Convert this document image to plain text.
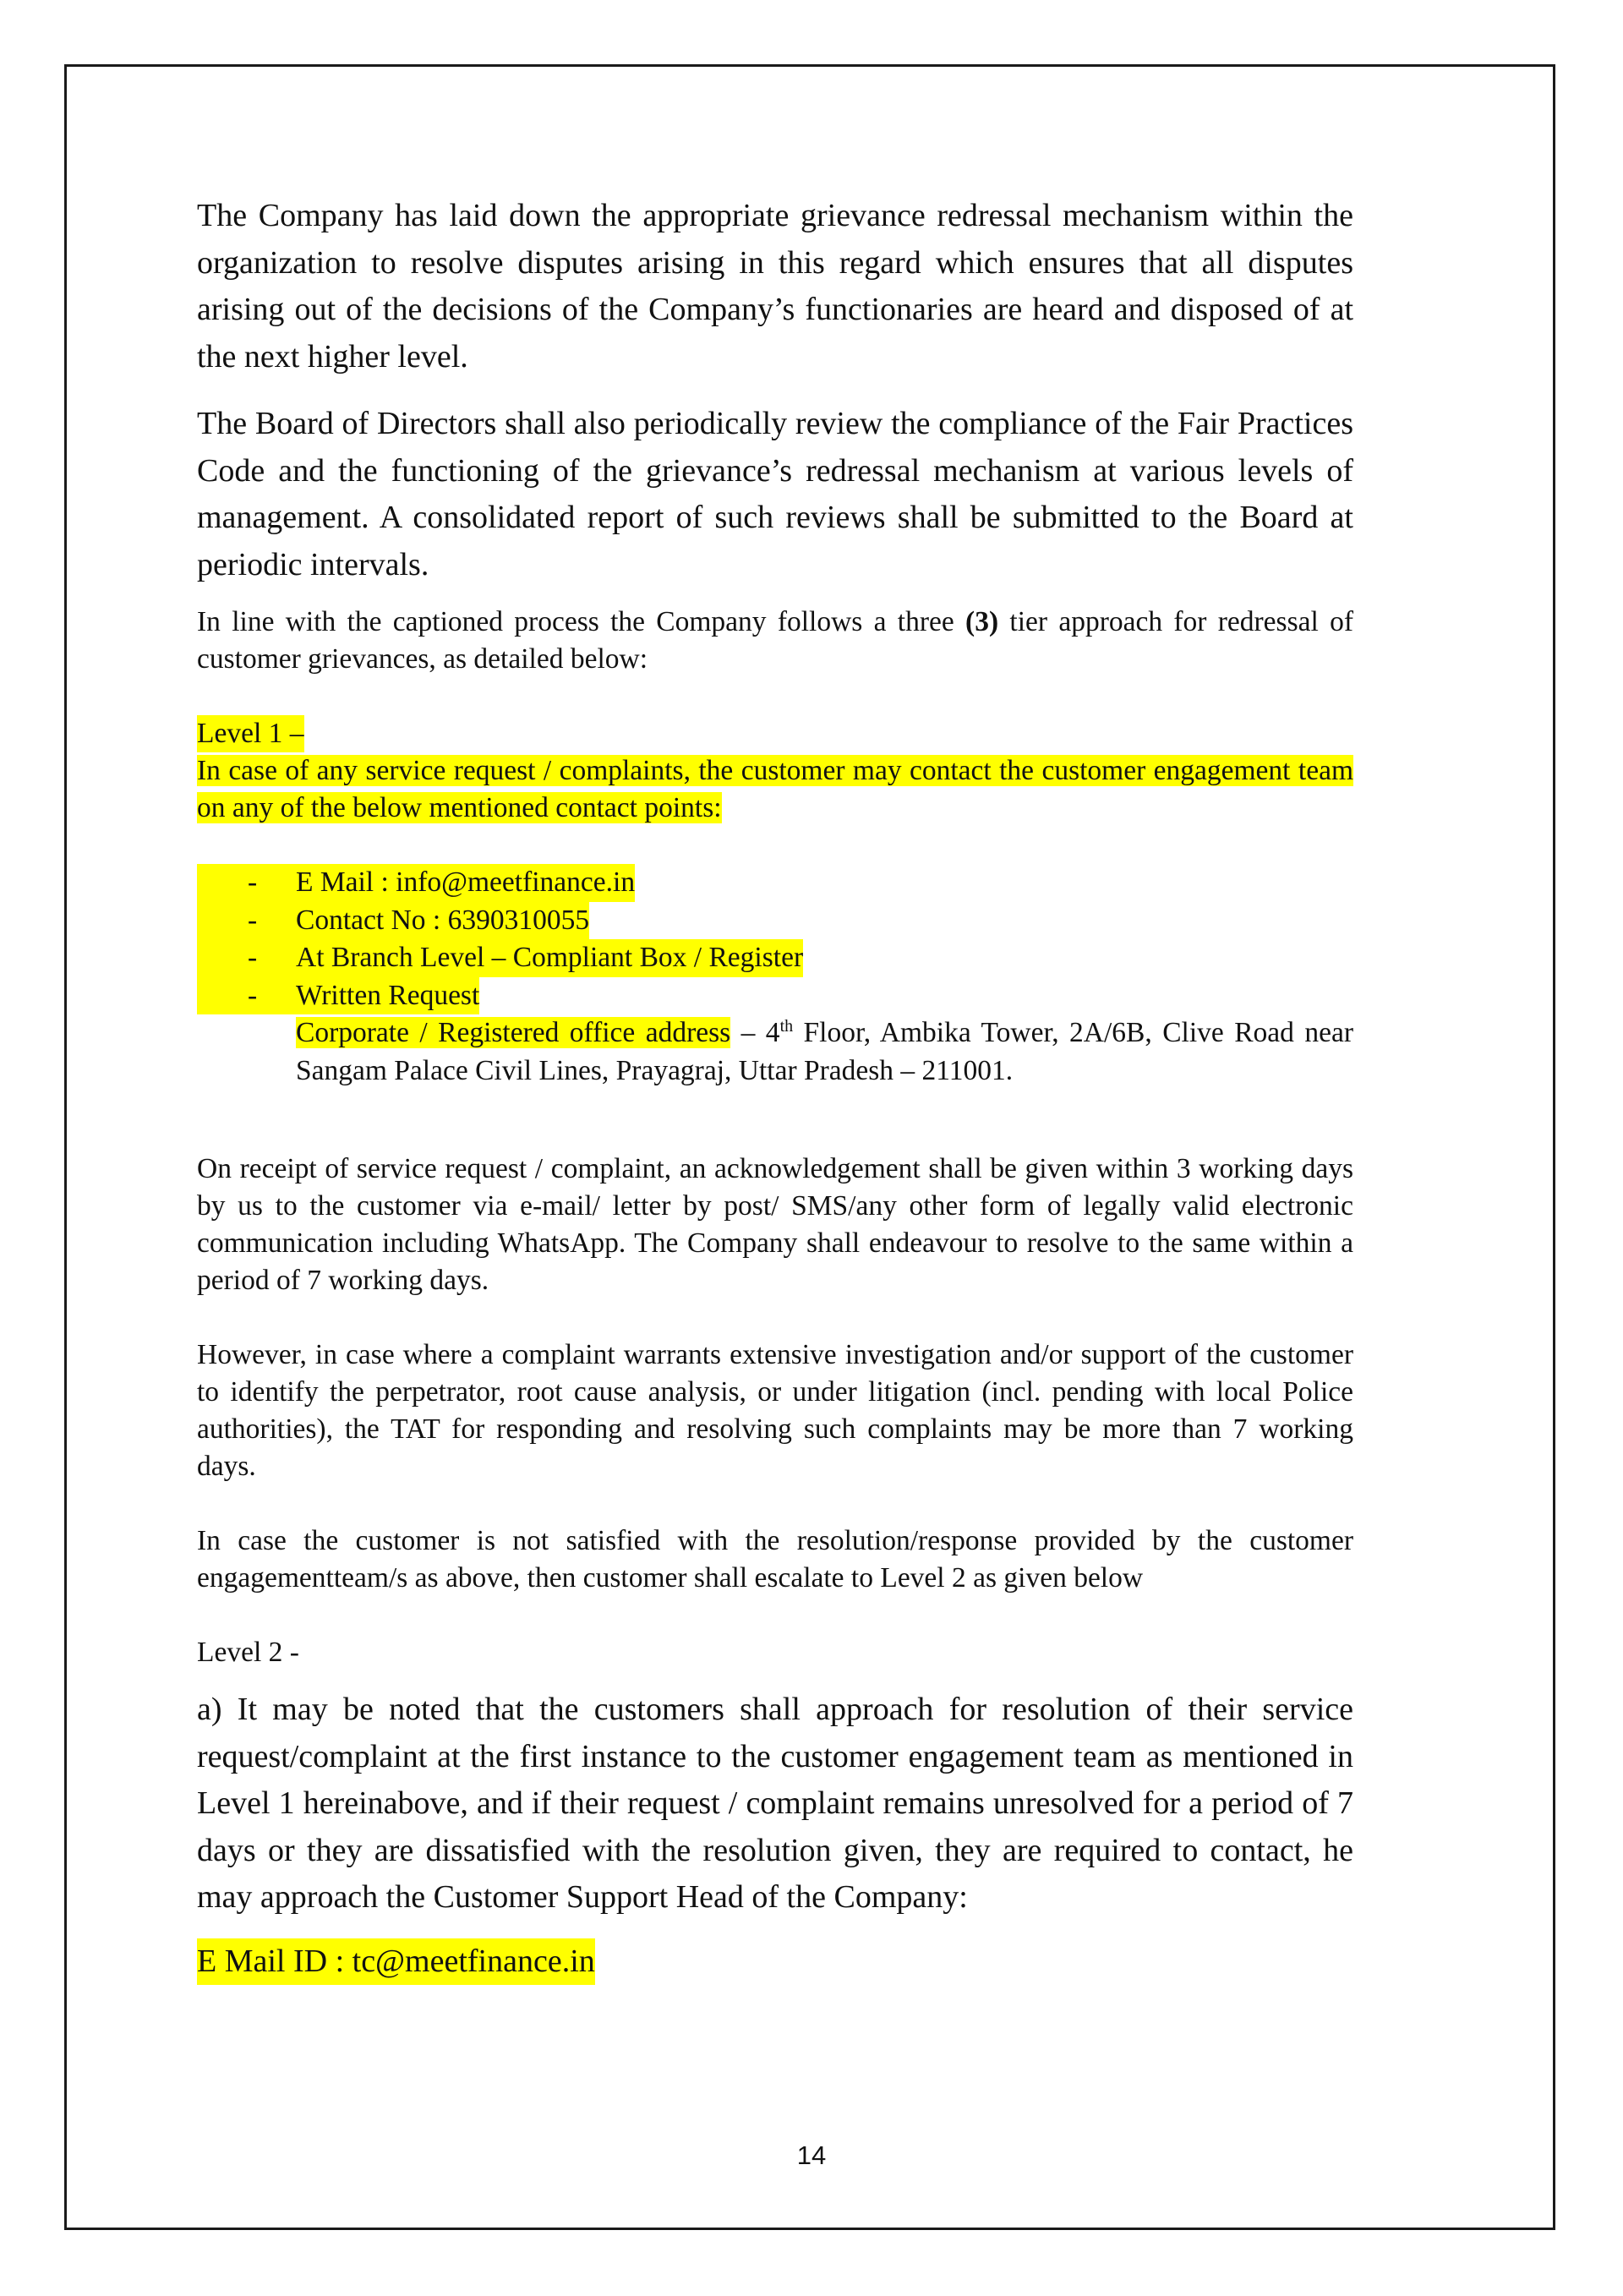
The Company has laid down the appropriate grievance redressal mechanism within the organization to resolve disputes arising in this regard which ensures that all disputes arising out of the decisions of the Company’s functionaries are heard and disposed of at the next higher level.

The Board of Directors shall also periodically review the compliance of the Fair Practices Code and the functioning of the grievance’s redressal mechanism at various levels of management. A consolidated report of such reviews shall be submitted to the Board at periodic intervals.

In line with the captioned process the Company follows a three (3) tier approach for redressal of customer grievances, as detailed below:

Level 1 –

In case of any service request / complaints, the customer may contact the customer engagement team on any of the below mentioned contact points:

- E Mail : info@meetfinance.in
- Contact No : 6390310055
- At Branch Level – Compliant Box / Register
- Written Request
Corporate / Registered office address – 4th Floor, Ambika Tower, 2A/6B, Clive Road near Sangam Palace Civil Lines, Prayagraj, Uttar Pradesh – 211001.

On receipt of service request / complaint, an acknowledgement shall be given within 3 working days by us to the customer via e-mail/ letter by post/ SMS/any other form of legally valid electronic communication including WhatsApp. The Company shall endeavour to resolve to the same within a period of 7 working days.

However, in case where a complaint warrants extensive investigation and/or support of the customer to identify the perpetrator, root cause analysis, or under litigation (incl. pending with local Police authorities), the TAT for responding and resolving such complaints may be more than 7 working days.

In case the customer is not satisfied with the resolution/response provided by the customer engagementteam/s as above, then customer shall escalate to Level 2 as given below

Level 2 -

a) It may be noted that the customers shall approach for resolution of their service request/complaint at the first instance to the customer engagement team as mentioned in Level 1 hereinabove, and if their request / complaint remains unresolved for a period of 7 days or they are dissatisfied with the resolution given, they are required to contact, he may approach the Customer Support Head of the Company:

E Mail ID : tc@meetfinance.in
14
